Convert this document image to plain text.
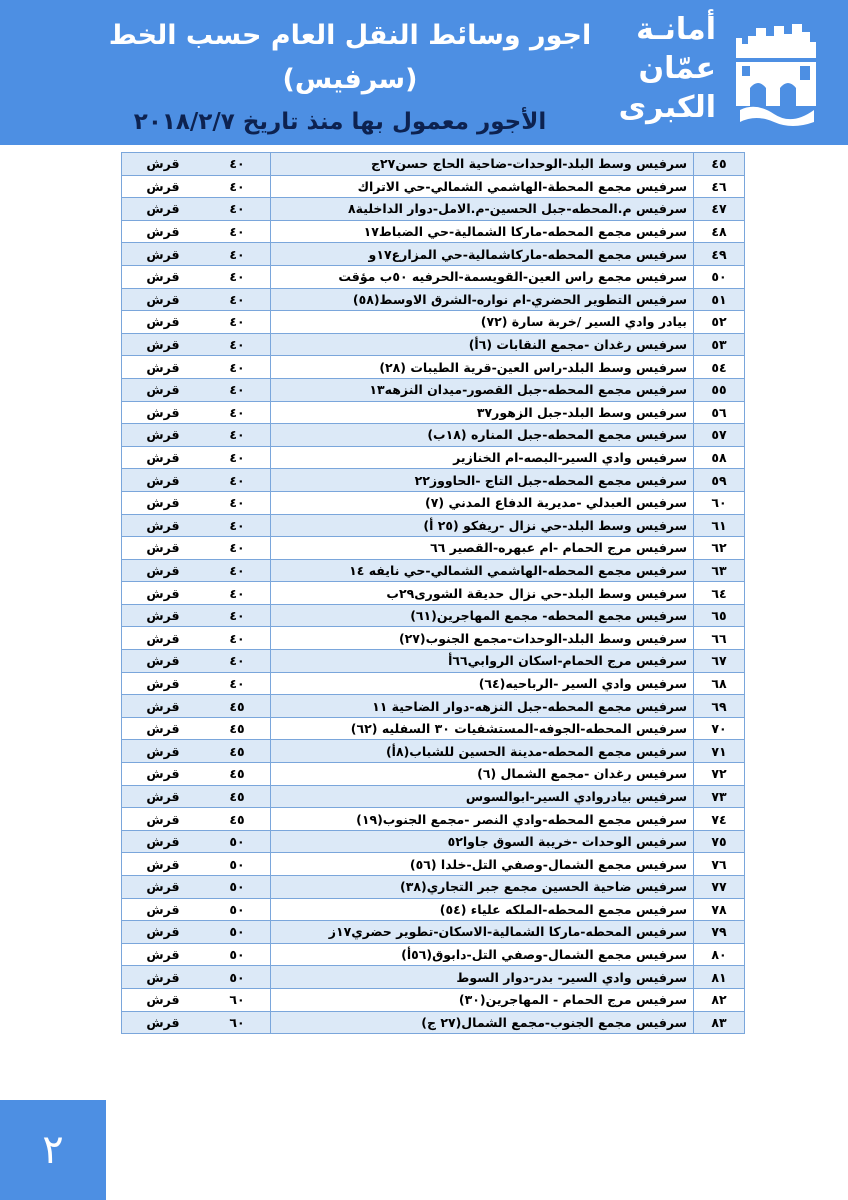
اجور وسائط النقل العام حسب الخط
(سرفيس)
الأجور معمول بها منذ تاريخ ٢٠١٨/٢/٧
أمانـة
عمّان
الكبرى
٤٥	سرفيس وسط البلد-الوحدات-ضاحية الحاج حسن٢٧ج	٤٠	قرش
٤٦	سرفيس مجمع المحطة-الهاشمي الشمالي-حي الاتراك	٤٠	قرش
٤٧	سرفيس م.المحطه-جبل الحسين-م.الامل-دوار الداخلية٨	٤٠	قرش
٤٨	سرفيس مجمع المحطه-ماركا الشمالية-حي الضباط١٧	٤٠	قرش
٤٩	سرفيس مجمع المحطه-ماركاشمالية-حي المزارع١٧و	٤٠	قرش
٥٠	سرفيس مجمع راس العين-القويسمة-الحرفيه ٥٠ب مؤقت	٤٠	قرش
٥١	سرفيس التطوير الحضري-ام نواره-الشرق الاوسط(٥٨)	٤٠	قرش
٥٢	بيادر وادي السير /خربة سارة (٧٢)	٤٠	قرش
٥٣	سرفيس رغدان -مجمع النقابات (٦أ)	٤٠	قرش
٥٤	سرفيس وسط البلد-راس العين-قرية الطيبات (٢٨)	٤٠	قرش
٥٥	سرفيس مجمع المحطه-جبل القصور-ميدان النزهه١٣	٤٠	قرش
٥٦	سرفيس وسط البلد-جبل الزهور٣٧	٤٠	قرش
٥٧	سرفيس مجمع المحطه-جبل المناره (١٨ب)	٤٠	قرش
٥٨	سرفيس وادي السير-البصه-ام الخنازير	٤٠	قرش
٥٩	سرفيس مجمع المحطه-جبل التاج -الحاووز٢٢	٤٠	قرش
٦٠	سرفيس العبدلي -مديرية الدفاع المدني (٧)	٤٠	قرش
٦١	سرفيس وسط البلد-حي نزال -ريفكو (٢٥ أ)	٤٠	قرش
٦٢	سرفيس مرج الحمام -ام عبهره-القصير ٦٦	٤٠	قرش
٦٣	سرفيس مجمع المحطه-الهاشمي الشمالي-حي نايفه ١٤	٤٠	قرش
٦٤	سرفيس وسط البلد-حي نزال حديقة الشورى٢٩ب	٤٠	قرش
٦٥	سرفيس مجمع المحطه- مجمع المهاجرين(٦١)	٤٠	قرش
٦٦	سرفيس وسط البلد-الوحدات-مجمع الجنوب(٢٧)	٤٠	قرش
٦٧	سرفيس مرج الحمام-اسكان الروابي٦٦أ	٤٠	قرش
٦٨	سرفيس وادي السير -الرباحيه(٦٤)	٤٠	قرش
٦٩	سرفيس مجمع المحطه-جبل النزهه-دوار الضاحية ١١	٤٥	قرش
٧٠	سرفيس المحطه-الجوفه-المستشفيات ٣٠ السفليه (٦٢)	٤٥	قرش
٧١	سرفيس مجمع المحطه-مدينة الحسين للشباب(٨أ)	٤٥	قرش
٧٢	سرفيس رغدان -مجمع الشمال (٦)	٤٥	قرش
٧٣	سرفيس بيادروادي السير-ابوالسوس	٤٥	قرش
٧٤	سرفيس مجمع المحطه-وادي النصر -مجمع الجنوب(١٩)	٤٥	قرش
٧٥	سرفيس الوحدات -خريبة السوق جاوا٥٢	٥٠	قرش
٧٦	سرفيس مجمع الشمال-وصفي التل-خلدا (٥٦)	٥٠	قرش
٧٧	سرفيس ضاحية الحسين مجمع جبر التجاري(٣٨)	٥٠	قرش
٧٨	سرفيس مجمع المحطه-الملكه علياء (٥٤)	٥٠	قرش
٧٩	سرفيس المحطه-ماركا الشمالية-الاسكان-تطوير حضري١٧ز	٥٠	قرش
٨٠	سرفيس مجمع الشمال-وصفي التل-دابوق(٥٦أ)	٥٠	قرش
٨١	سرفيس وادي السير- بدر-دوار السوط	٥٠	قرش
٨٢	سرفيس مرج الحمام - المهاجرين(٣٠)	٦٠	قرش
٨٣	سرفيس مجمع الجنوب-مجمع الشمال(٢٧ ج)	٦٠	قرش
٢
